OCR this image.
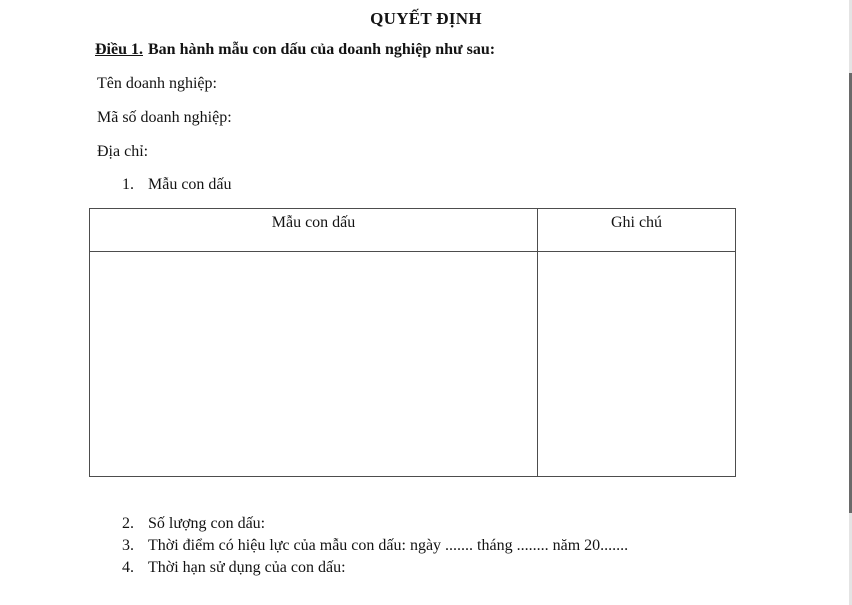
QUYẾT ĐỊNH
Điều 1. Ban hành mẫu con dấu của doanh nghiệp như sau:
Tên doanh nghiệp:
Mã số doanh nghiệp:
Địa chỉ:
1. Mẫu con dấu
Mẫu con dấu	Ghi chú

2. Số lượng con dấu:
3. Thời điểm có hiệu lực của mẫu con dấu: ngày ....... tháng ........ năm 20.......
4. Thời hạn sử dụng của con dấu:
